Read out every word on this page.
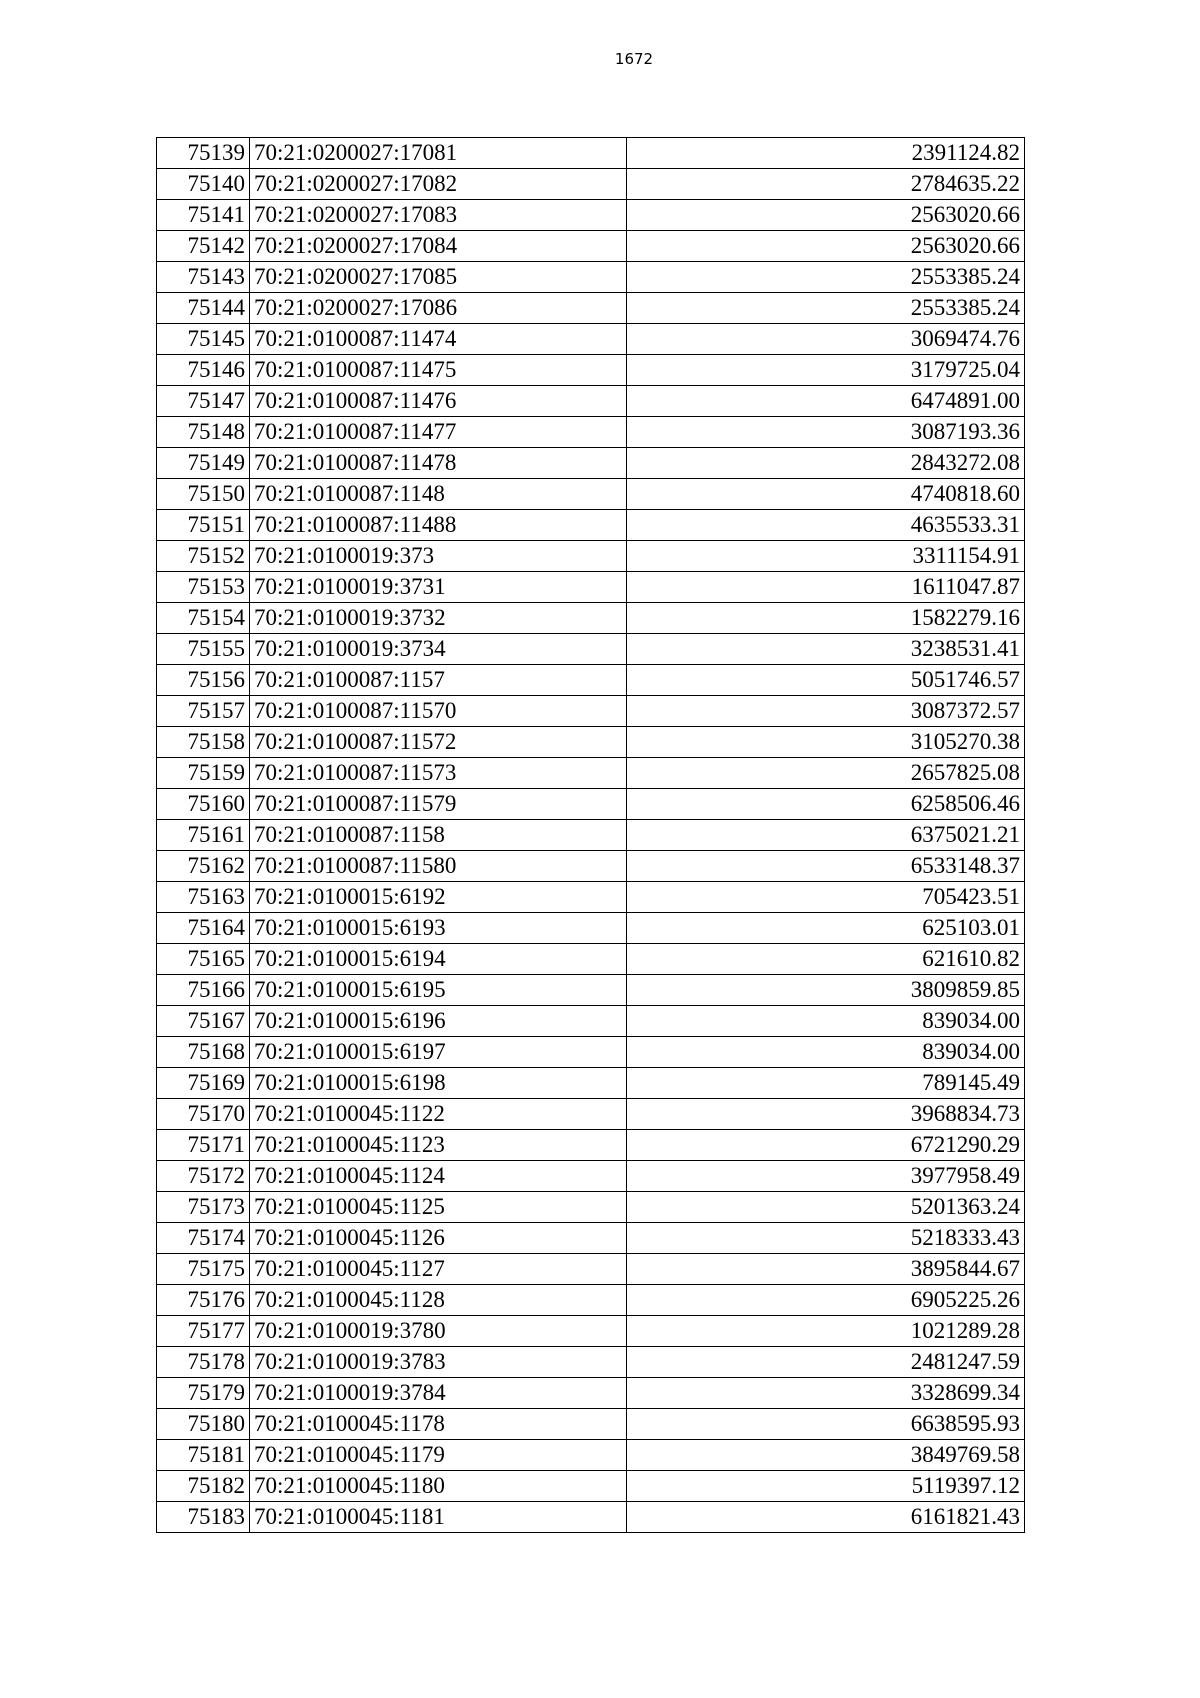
1672
75139	70:21:0200027:17081	2391124.82
75140	70:21:0200027:17082	2784635.22
75141	70:21:0200027:17083	2563020.66
75142	70:21:0200027:17084	2563020.66
75143	70:21:0200027:17085	2553385.24
75144	70:21:0200027:17086	2553385.24
75145	70:21:0100087:11474	3069474.76
75146	70:21:0100087:11475	3179725.04
75147	70:21:0100087:11476	6474891.00
75148	70:21:0100087:11477	3087193.36
75149	70:21:0100087:11478	2843272.08
75150	70:21:0100087:1148	4740818.60
75151	70:21:0100087:11488	4635533.31
75152	70:21:0100019:373	3311154.91
75153	70:21:0100019:3731	1611047.87
75154	70:21:0100019:3732	1582279.16
75155	70:21:0100019:3734	3238531.41
75156	70:21:0100087:1157	5051746.57
75157	70:21:0100087:11570	3087372.57
75158	70:21:0100087:11572	3105270.38
75159	70:21:0100087:11573	2657825.08
75160	70:21:0100087:11579	6258506.46
75161	70:21:0100087:1158	6375021.21
75162	70:21:0100087:11580	6533148.37
75163	70:21:0100015:6192	705423.51
75164	70:21:0100015:6193	625103.01
75165	70:21:0100015:6194	621610.82
75166	70:21:0100015:6195	3809859.85
75167	70:21:0100015:6196	839034.00
75168	70:21:0100015:6197	839034.00
75169	70:21:0100015:6198	789145.49
75170	70:21:0100045:1122	3968834.73
75171	70:21:0100045:1123	6721290.29
75172	70:21:0100045:1124	3977958.49
75173	70:21:0100045:1125	5201363.24
75174	70:21:0100045:1126	5218333.43
75175	70:21:0100045:1127	3895844.67
75176	70:21:0100045:1128	6905225.26
75177	70:21:0100019:3780	1021289.28
75178	70:21:0100019:3783	2481247.59
75179	70:21:0100019:3784	3328699.34
75180	70:21:0100045:1178	6638595.93
75181	70:21:0100045:1179	3849769.58
75182	70:21:0100045:1180	5119397.12
75183	70:21:0100045:1181	6161821.43
